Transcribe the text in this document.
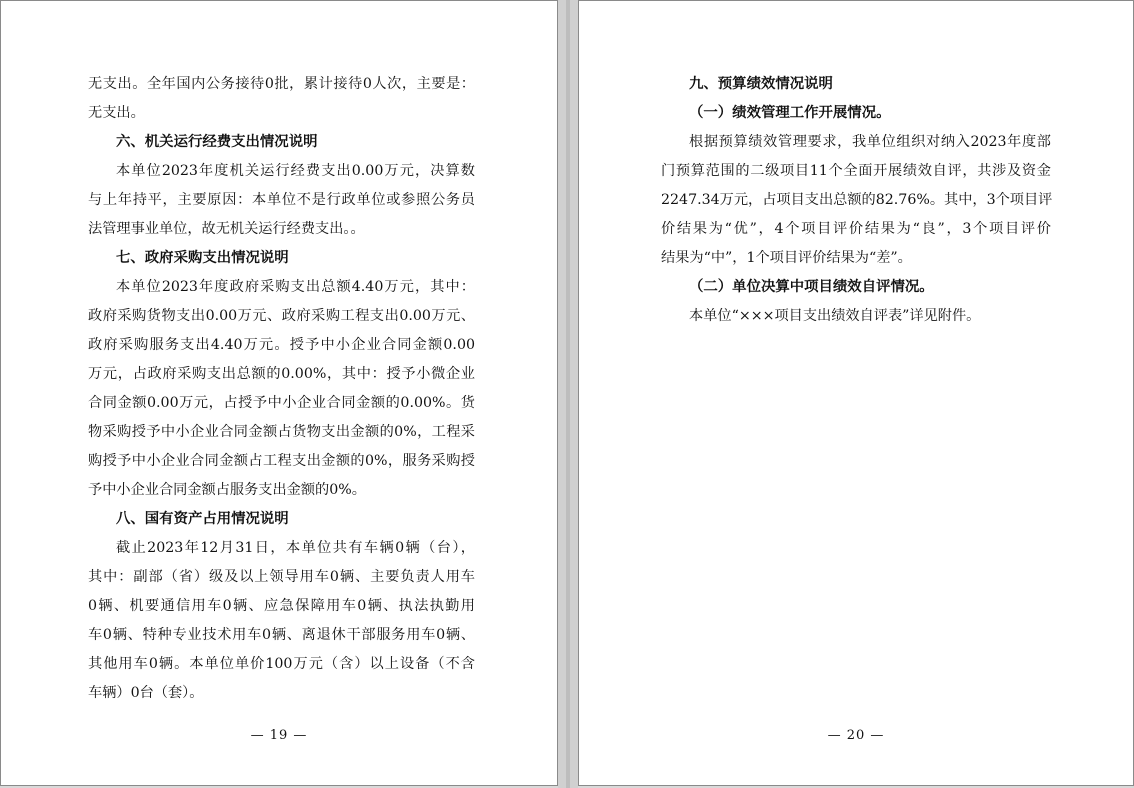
无支出。全年国内公务接待0批，累计接待0人次，主要是：
无支出。
六、机关运行经费支出情况说明
本单位2023年度机关运行经费支出0.00万元，决算数
与上年持平，主要原因：本单位不是行政单位或参照公务员
法管理事业单位，故无机关运行经费支出。。
七、政府采购支出情况说明
本单位2023年度政府采购支出总额4.40万元，其中：
政府采购货物支出0.00万元、政府采购工程支出0.00万元、
政府采购服务支出4.40万元。授予中小企业合同金额0.00
万元，占政府采购支出总额的0.00%，其中：授予小微企业
合同金额0.00万元，占授予中小企业合同金额的0.00%。货
物采购授予中小企业合同金额占货物支出金额的0%，工程采
购授予中小企业合同金额占工程支出金额的0%，服务采购授
予中小企业合同金额占服务支出金额的0%。
八、国有资产占用情况说明
截止2023年12月31日，本单位共有车辆0辆（台），
其中：副部（省）级及以上领导用车0辆、主要负责人用车
0辆、机要通信用车0辆、应急保障用车0辆、执法执勤用
车0辆、特种专业技术用车0辆、离退休干部服务用车0辆、
其他用车0辆。本单位单价100万元（含）以上设备（不含
车辆）0台（套）。
— 19 —
九、预算绩效情况说明
（一）绩效管理工作开展情况。
根据预算绩效管理要求，我单位组织对纳入2023年度部
门预算范围的二级项目11个全面开展绩效自评，共涉及资金
2247.34万元，占项目支出总额的82.76%。其中，3个项目评
价结果为“优”，4个项目评价结果为“良”，3个项目评价
结果为“中”，1个项目评价结果为“差”。
（二）单位决算中项目绩效自评情况。
本单位“×××项目支出绩效自评表”详见附件。
— 20 —
